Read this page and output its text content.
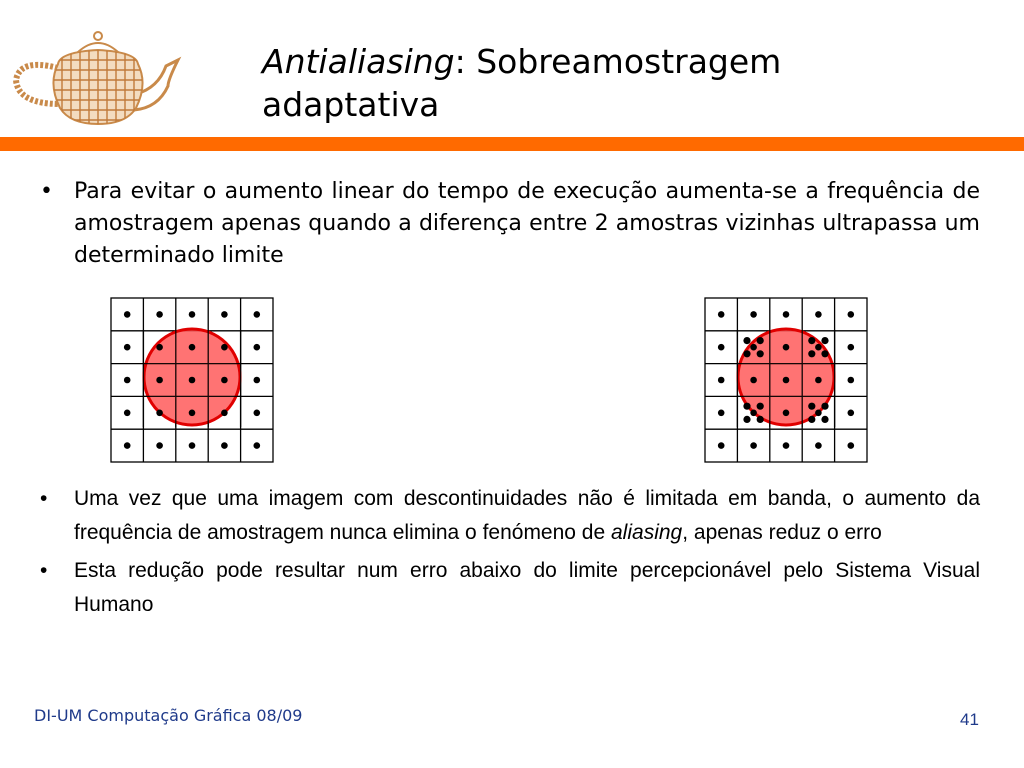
Antialiasing: Sobreamostragem
adaptativa
• Para evitar o aumento linear do tempo de execução aumenta-se a frequência de amostragem apenas quando a diferença entre 2 amostras vizinhas ultrapassa um determinado limite
•	Uma vez que uma imagem com descontinuidades não é limitada em banda, o aumento da frequência de amostragem nunca elimina o fenómeno de aliasing, apenas reduz o erro
•	Esta redução pode resultar num erro abaixo do limite percepcionável pelo Sistema Visual Humano
DI-UM Computação Gráfica 08/09	41
